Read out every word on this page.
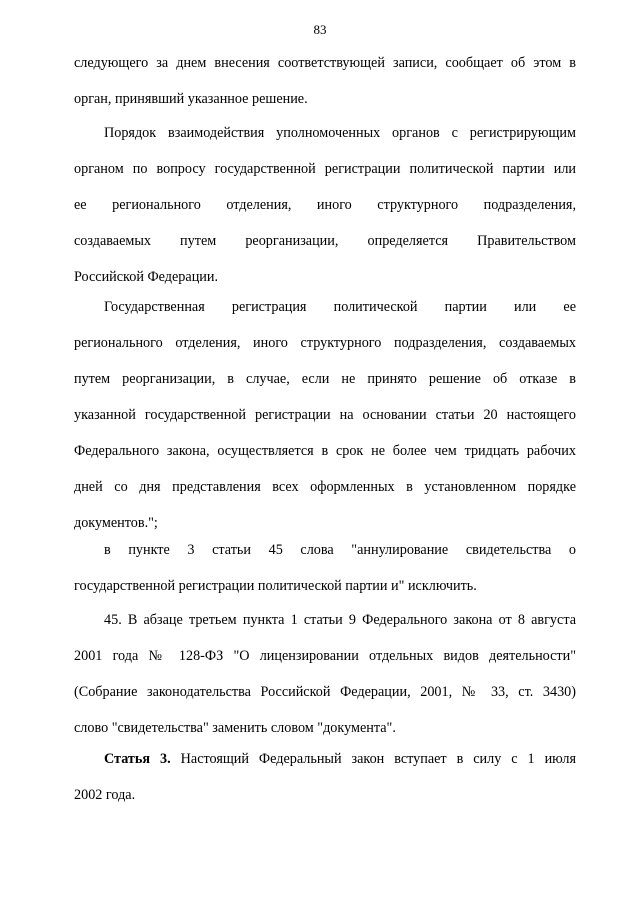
83
следующего за днем внесения соответствующей записи, сообщает об этом в
орган, принявший указанное решение.
Порядок взаимодействия уполномоченных органов с регистрирующим
органом по вопросу государственной регистрации политической партии или
ее регионального отделения, иного структурного подразделения,
создаваемых путем реорганизации, определяется Правительством
Российской Федерации.
Государственная регистрация политической партии или ее
регионального отделения, иного структурного подразделения, создаваемых
путем реорганизации, в случае, если не принято решение об отказе в
указанной государственной регистрации на основании статьи 20 настоящего
Федерального закона, осуществляется в срок не более чем тридцать рабочих
дней со дня представления всех оформленных в установленном порядке
документов.";
в пункте 3 статьи 45 слова "аннулирование свидетельства о
государственной регистрации политической партии и" исключить.
45. В абзаце третьем пункта 1 статьи 9 Федерального закона от 8 августа
2001 года № 128-ФЗ "О лицензировании отдельных видов деятельности"
(Собрание законодательства Российской Федерации, 2001, № 33, ст. 3430)
слово "свидетельства" заменить словом "документа".
Статья 3. Настоящий Федеральный закон вступает в силу с 1 июля
2002 года.
